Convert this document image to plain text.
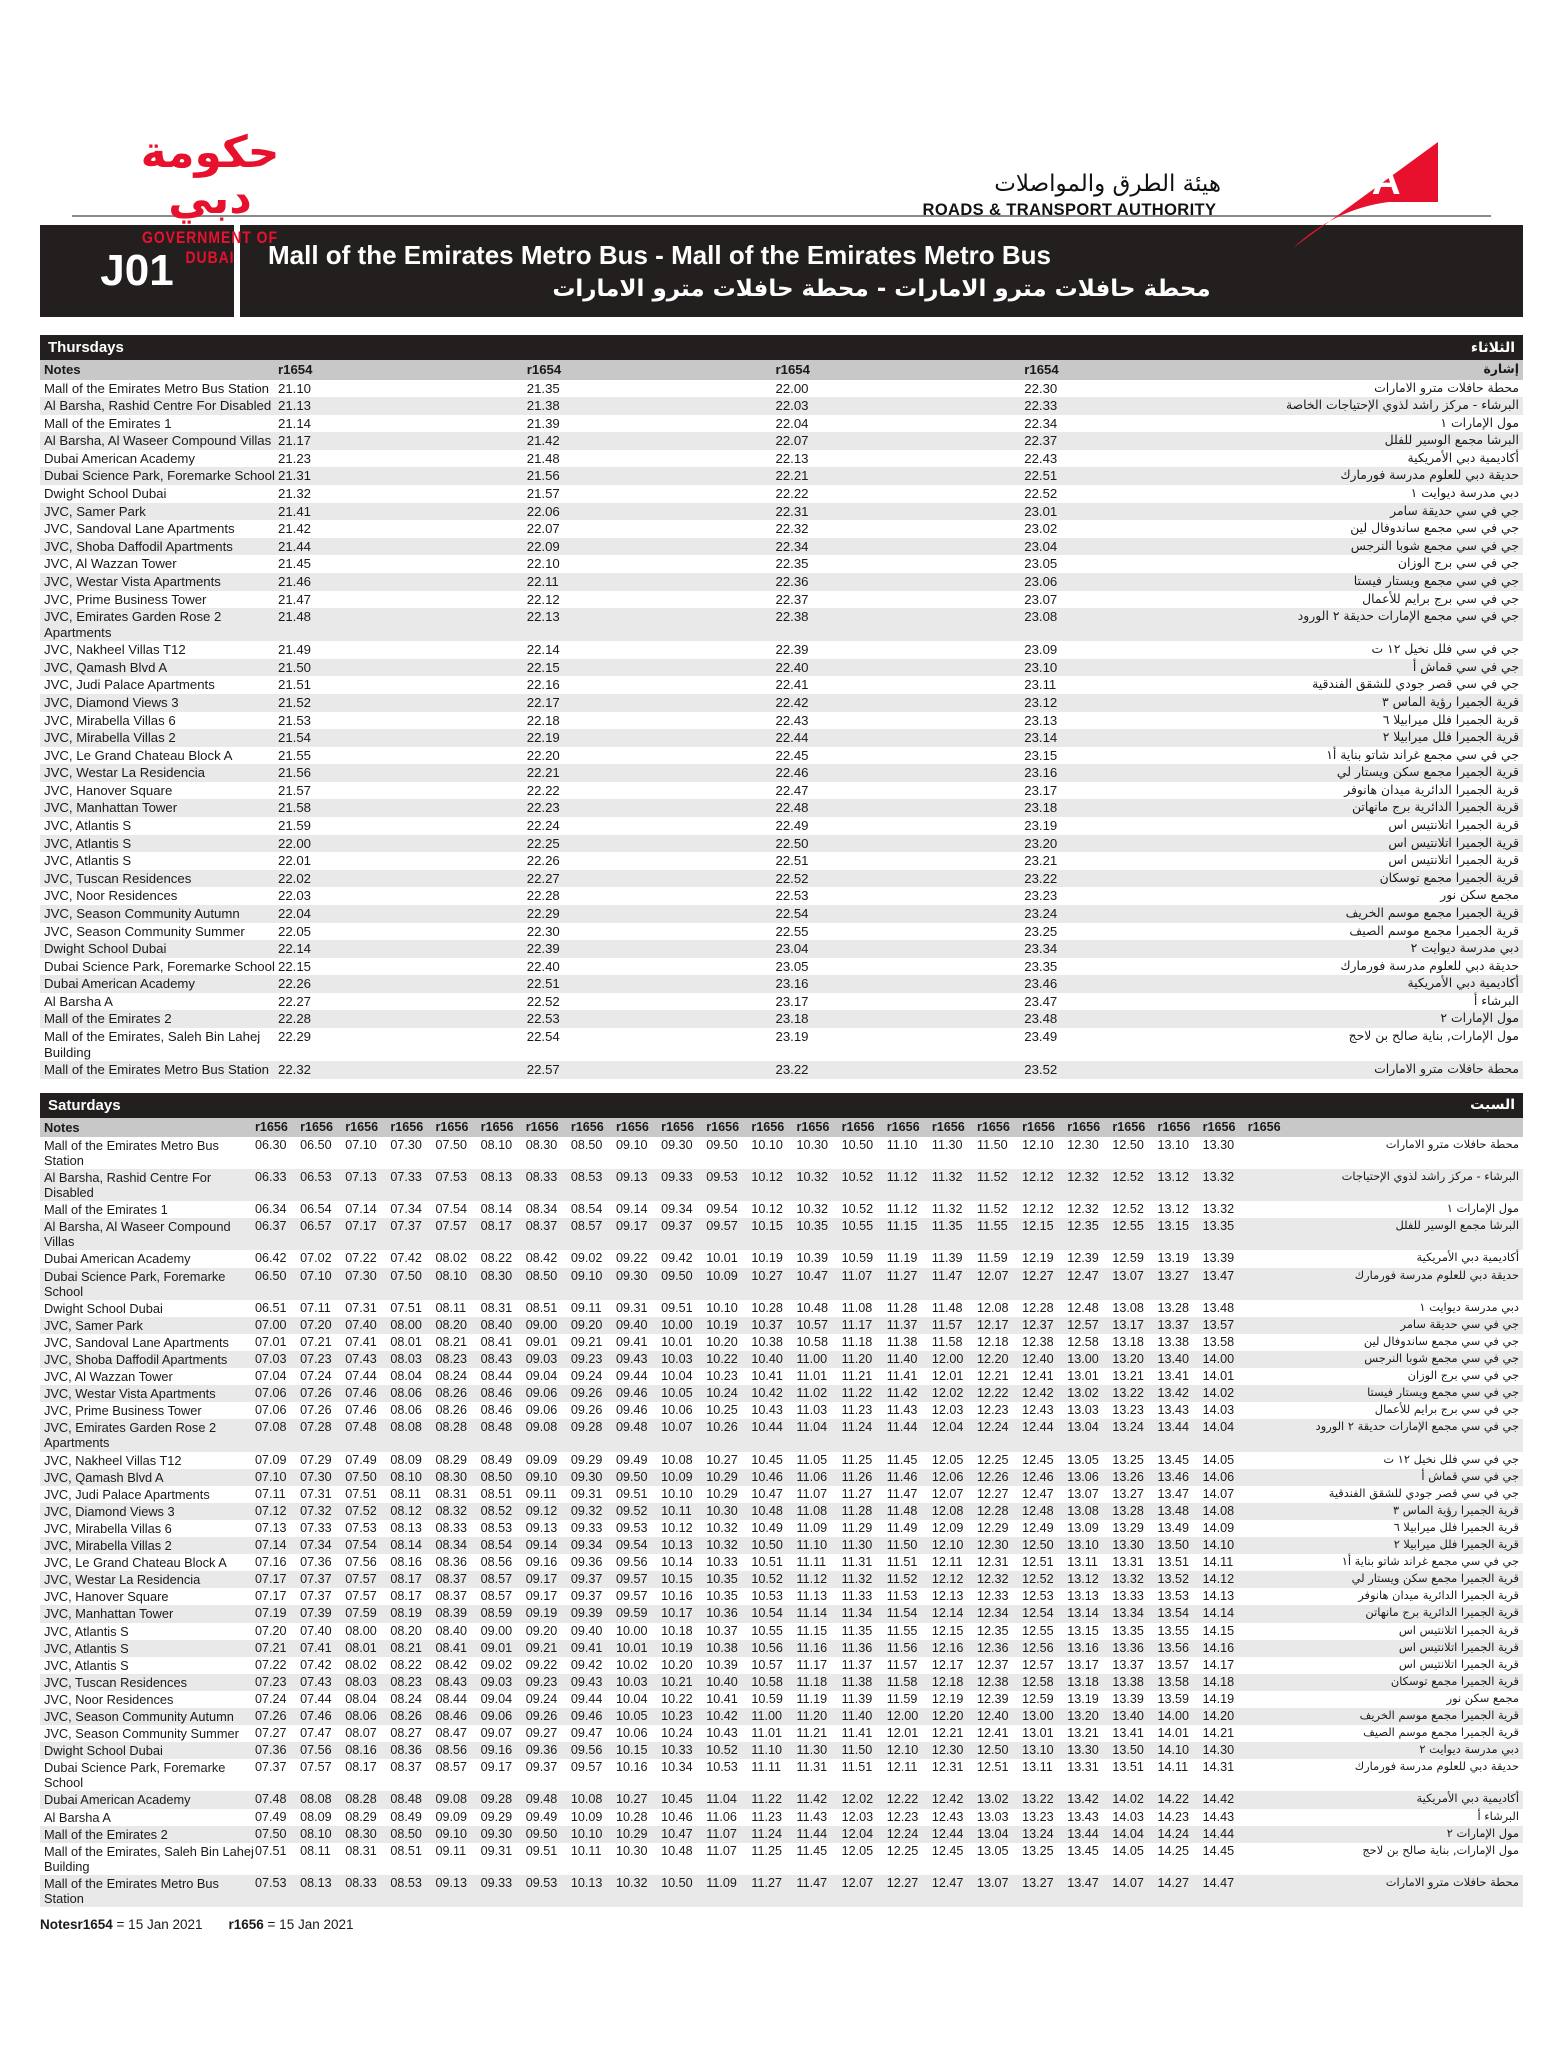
حكومة دبي
GOVERNMENT OF DUBAI
هيئة الطرق والمواصلات
ROADS & TRANSPORT AUTHORITY
RTA
J01	Mall of the Emirates Metro Bus - Mall of the Emirates Metro Bus
محطة حافلات مترو الامارات - محطة حافلات مترو الامارات
Thursdays	الثلاثاء
Notes	r1654	r1654	r1654	r1654	إشارة
Mall of the Emirates Metro Bus Station	21.10	21.35	22.00	22.30	محطة حافلات مترو الامارات
Al Barsha, Rashid Centre For Disabled	21.13	21.38	22.03	22.33	البرشاء - مركز راشد لذوي الإحتياجات الخاصة
Mall of the Emirates 1	21.14	21.39	22.04	22.34	مول الإمارات ١
Al Barsha, Al Waseer Compound Villas	21.17	21.42	22.07	22.37	البرشا مجمع الوسير للفلل
Dubai American Academy	21.23	21.48	22.13	22.43	أكاديمية دبي الأمريكية
Dubai Science Park, Foremarke School	21.31	21.56	22.21	22.51	حديقة دبي للعلوم مدرسة فورمارك
Dwight School Dubai	21.32	21.57	22.22	22.52	دبي مدرسة ديوايت ١
JVC, Samer Park	21.41	22.06	22.31	23.01	جي في سي حديقة سامر
JVC, Sandoval Lane Apartments	21.42	22.07	22.32	23.02	جي في سي مجمع ساندوفال لين
JVC, Shoba Daffodil Apartments	21.44	22.09	22.34	23.04	جي في سي مجمع شوبا النرجس
JVC, Al Wazzan Tower	21.45	22.10	22.35	23.05	جي في سي برج الوزان
JVC, Westar Vista Apartments	21.46	22.11	22.36	23.06	جي في سي مجمع ويستار فيستا
JVC, Prime Business Tower	21.47	22.12	22.37	23.07	جي في سي برج برايم للأعمال
JVC, Emirates Garden Rose 2 Apartments	21.48	22.13	22.38	23.08	جي في سي مجمع الإمارات حديقة ٢ الورود
JVC, Nakheel Villas T12	21.49	22.14	22.39	23.09	جي في سي فلل نخيل ١٢ ت
JVC, Qamash Blvd A	21.50	22.15	22.40	23.10	جي في سي قماش أ
JVC, Judi Palace Apartments	21.51	22.16	22.41	23.11	جي في سي قصر جودي للشقق الفندقية
JVC, Diamond Views 3	21.52	22.17	22.42	23.12	قرية الجميرا رؤية الماس ٣
JVC, Mirabella Villas 6	21.53	22.18	22.43	23.13	قرية الجميرا فلل ميرابيلا ٦
JVC, Mirabella Villas 2	21.54	22.19	22.44	23.14	قرية الجميرا فلل ميرابيلا ٢
JVC, Le Grand Chateau Block A	21.55	22.20	22.45	23.15	جي في سي مجمع غراند شاتو بناية أ١
JVC, Westar La Residencia	21.56	22.21	22.46	23.16	قرية الجميرا مجمع سكن ويستار لي
JVC, Hanover Square	21.57	22.22	22.47	23.17	قرية الجميرا الدائرية ميدان هانوفر
JVC, Manhattan Tower	21.58	22.23	22.48	23.18	قرية الجميرا الدائرية برج مانهاتن
JVC, Atlantis S	21.59	22.24	22.49	23.19	قرية الجميرا اتلانتيس اس
JVC, Atlantis S	22.00	22.25	22.50	23.20	قرية الجميرا اتلانتيس اس
JVC, Atlantis S	22.01	22.26	22.51	23.21	قرية الجميرا اتلانتيس اس
JVC, Tuscan Residences	22.02	22.27	22.52	23.22	قرية الجميرا مجمع توسكان
JVC, Noor Residences	22.03	22.28	22.53	23.23	مجمع سكن نور
JVC, Season Community Autumn	22.04	22.29	22.54	23.24	قرية الجميرا مجمع موسم الخريف
JVC, Season Community Summer	22.05	22.30	22.55	23.25	قرية الجميرا مجمع موسم الصيف
Dwight School Dubai	22.14	22.39	23.04	23.34	دبي مدرسة ديوايت ٢
Dubai Science Park, Foremarke School	22.15	22.40	23.05	23.35	حديقة دبي للعلوم مدرسة فورمارك
Dubai American Academy	22.26	22.51	23.16	23.46	أكاديمية دبي الأمريكية
Al Barsha A	22.27	22.52	23.17	23.47	البرشاء أ
Mall of the Emirates 2	22.28	22.53	23.18	23.48	مول الإمارات ٢
Mall of the Emirates, Saleh Bin Lahej Building	22.29	22.54	23.19	23.49	مول الإمارات, بناية صالح بن لاحج
Mall of the Emirates Metro Bus Station	22.32	22.57	23.22	23.52	محطة حافلات مترو الامارات
Saturdays	السبت
Notes	r1656	r1656	r1656	r1656	r1656	r1656	r1656	r1656	r1656	r1656	r1656	r1656	r1656	r1656	r1656	r1656	r1656	r1656	r1656	r1656	r1656	r1656	r1656	
Mall of the Emirates Metro Bus Station	06.30	06.50	07.10	07.30	07.50	08.10	08.30	08.50	09.10	09.30	09.50	10.10	10.30	10.50	11.10	11.30	11.50	12.10	12.30	12.50	13.10	13.30		محطة حافلات مترو الامارات
Al Barsha, Rashid Centre For Disabled	06.33	06.53	07.13	07.33	07.53	08.13	08.33	08.53	09.13	09.33	09.53	10.12	10.32	10.52	11.12	11.32	11.52	12.12	12.32	12.52	13.12	13.32		البرشاء - مركز راشد لذوي الإحتياجات
Mall of the Emirates 1	06.34	06.54	07.14	07.34	07.54	08.14	08.34	08.54	09.14	09.34	09.54	10.12	10.32	10.52	11.12	11.32	11.52	12.12	12.32	12.52	13.12	13.32		مول الإمارات ١
Al Barsha, Al Waseer Compound Villas	06.37	06.57	07.17	07.37	07.57	08.17	08.37	08.57	09.17	09.37	09.57	10.15	10.35	10.55	11.15	11.35	11.55	12.15	12.35	12.55	13.15	13.35		البرشا مجمع الوسير للفلل
Dubai American Academy	06.42	07.02	07.22	07.42	08.02	08.22	08.42	09.02	09.22	09.42	10.01	10.19	10.39	10.59	11.19	11.39	11.59	12.19	12.39	12.59	13.19	13.39		أكاديمية دبي الأمريكية
Dubai Science Park, Foremarke School	06.50	07.10	07.30	07.50	08.10	08.30	08.50	09.10	09.30	09.50	10.09	10.27	10.47	11.07	11.27	11.47	12.07	12.27	12.47	13.07	13.27	13.47		حديقة دبي للعلوم مدرسة فورمارك
Dwight School Dubai	06.51	07.11	07.31	07.51	08.11	08.31	08.51	09.11	09.31	09.51	10.10	10.28	10.48	11.08	11.28	11.48	12.08	12.28	12.48	13.08	13.28	13.48		دبي مدرسة ديوايت ١
JVC, Samer Park	07.00	07.20	07.40	08.00	08.20	08.40	09.00	09.20	09.40	10.00	10.19	10.37	10.57	11.17	11.37	11.57	12.17	12.37	12.57	13.17	13.37	13.57		جي في سي حديقة سامر
JVC, Sandoval Lane Apartments	07.01	07.21	07.41	08.01	08.21	08.41	09.01	09.21	09.41	10.01	10.20	10.38	10.58	11.18	11.38	11.58	12.18	12.38	12.58	13.18	13.38	13.58		جي في سي مجمع ساندوفال لين
JVC, Shoba Daffodil Apartments	07.03	07.23	07.43	08.03	08.23	08.43	09.03	09.23	09.43	10.03	10.22	10.40	11.00	11.20	11.40	12.00	12.20	12.40	13.00	13.20	13.40	14.00		جي في سي مجمع شوبا النرجس
JVC, Al Wazzan Tower	07.04	07.24	07.44	08.04	08.24	08.44	09.04	09.24	09.44	10.04	10.23	10.41	11.01	11.21	11.41	12.01	12.21	12.41	13.01	13.21	13.41	14.01		جي في سي برج الوزان
JVC, Westar Vista Apartments	07.06	07.26	07.46	08.06	08.26	08.46	09.06	09.26	09.46	10.05	10.24	10.42	11.02	11.22	11.42	12.02	12.22	12.42	13.02	13.22	13.42	14.02		جي في سي مجمع ويستار فيستا
JVC, Prime Business Tower	07.06	07.26	07.46	08.06	08.26	08.46	09.06	09.26	09.46	10.06	10.25	10.43	11.03	11.23	11.43	12.03	12.23	12.43	13.03	13.23	13.43	14.03		جي في سي برج برايم للأعمال
JVC, Emirates Garden Rose 2 Apartments	07.08	07.28	07.48	08.08	08.28	08.48	09.08	09.28	09.48	10.07	10.26	10.44	11.04	11.24	11.44	12.04	12.24	12.44	13.04	13.24	13.44	14.04		جي في سي مجمع الإمارات حديقة ٢ الورود
JVC, Nakheel Villas T12	07.09	07.29	07.49	08.09	08.29	08.49	09.09	09.29	09.49	10.08	10.27	10.45	11.05	11.25	11.45	12.05	12.25	12.45	13.05	13.25	13.45	14.05		جي في سي فلل نخيل ١٢ ت
JVC, Qamash Blvd A	07.10	07.30	07.50	08.10	08.30	08.50	09.10	09.30	09.50	10.09	10.29	10.46	11.06	11.26	11.46	12.06	12.26	12.46	13.06	13.26	13.46	14.06		جي في سي قماش أ
JVC, Judi Palace Apartments	07.11	07.31	07.51	08.11	08.31	08.51	09.11	09.31	09.51	10.10	10.29	10.47	11.07	11.27	11.47	12.07	12.27	12.47	13.07	13.27	13.47	14.07		جي في سي قصر جودي للشقق الفندقية
JVC, Diamond Views 3	07.12	07.32	07.52	08.12	08.32	08.52	09.12	09.32	09.52	10.11	10.30	10.48	11.08	11.28	11.48	12.08	12.28	12.48	13.08	13.28	13.48	14.08		قرية الجميرا رؤية الماس ٣
JVC, Mirabella Villas 6	07.13	07.33	07.53	08.13	08.33	08.53	09.13	09.33	09.53	10.12	10.32	10.49	11.09	11.29	11.49	12.09	12.29	12.49	13.09	13.29	13.49	14.09		قرية الجميرا فلل ميرابيلا ٦
JVC, Mirabella Villas 2	07.14	07.34	07.54	08.14	08.34	08.54	09.14	09.34	09.54	10.13	10.32	10.50	11.10	11.30	11.50	12.10	12.30	12.50	13.10	13.30	13.50	14.10		قرية الجميرا فلل ميرابيلا ٢
JVC, Le Grand Chateau Block A	07.16	07.36	07.56	08.16	08.36	08.56	09.16	09.36	09.56	10.14	10.33	10.51	11.11	11.31	11.51	12.11	12.31	12.51	13.11	13.31	13.51	14.11		جي في سي مجمع غراند شاتو بناية أ١
JVC, Westar La Residencia	07.17	07.37	07.57	08.17	08.37	08.57	09.17	09.37	09.57	10.15	10.35	10.52	11.12	11.32	11.52	12.12	12.32	12.52	13.12	13.32	13.52	14.12		قرية الجميرا مجمع سكن ويستار لي
JVC, Hanover Square	07.17	07.37	07.57	08.17	08.37	08.57	09.17	09.37	09.57	10.16	10.35	10.53	11.13	11.33	11.53	12.13	12.33	12.53	13.13	13.33	13.53	14.13		قرية الجميرا الدائرية ميدان هانوفر
JVC, Manhattan Tower	07.19	07.39	07.59	08.19	08.39	08.59	09.19	09.39	09.59	10.17	10.36	10.54	11.14	11.34	11.54	12.14	12.34	12.54	13.14	13.34	13.54	14.14		قرية الجميرا الدائرية برج مانهاتن
JVC, Atlantis S	07.20	07.40	08.00	08.20	08.40	09.00	09.20	09.40	10.00	10.18	10.37	10.55	11.15	11.35	11.55	12.15	12.35	12.55	13.15	13.35	13.55	14.15		قرية الجميرا اتلانتيس اس
JVC, Atlantis S	07.21	07.41	08.01	08.21	08.41	09.01	09.21	09.41	10.01	10.19	10.38	10.56	11.16	11.36	11.56	12.16	12.36	12.56	13.16	13.36	13.56	14.16		قرية الجميرا اتلانتيس اس
JVC, Atlantis S	07.22	07.42	08.02	08.22	08.42	09.02	09.22	09.42	10.02	10.20	10.39	10.57	11.17	11.37	11.57	12.17	12.37	12.57	13.17	13.37	13.57	14.17		قرية الجميرا اتلانتيس اس
JVC, Tuscan Residences	07.23	07.43	08.03	08.23	08.43	09.03	09.23	09.43	10.03	10.21	10.40	10.58	11.18	11.38	11.58	12.18	12.38	12.58	13.18	13.38	13.58	14.18		قرية الجميرا مجمع توسكان
JVC, Noor Residences	07.24	07.44	08.04	08.24	08.44	09.04	09.24	09.44	10.04	10.22	10.41	10.59	11.19	11.39	11.59	12.19	12.39	12.59	13.19	13.39	13.59	14.19		مجمع سكن نور
JVC, Season Community Autumn	07.26	07.46	08.06	08.26	08.46	09.06	09.26	09.46	10.05	10.23	10.42	11.00	11.20	11.40	12.00	12.20	12.40	13.00	13.20	13.40	14.00	14.20		قرية الجميرا مجمع موسم الخريف
JVC, Season Community Summer	07.27	07.47	08.07	08.27	08.47	09.07	09.27	09.47	10.06	10.24	10.43	11.01	11.21	11.41	12.01	12.21	12.41	13.01	13.21	13.41	14.01	14.21		قرية الجميرا مجمع موسم الصيف
Dwight School Dubai	07.36	07.56	08.16	08.36	08.56	09.16	09.36	09.56	10.15	10.33	10.52	11.10	11.30	11.50	12.10	12.30	12.50	13.10	13.30	13.50	14.10	14.30		دبي مدرسة ديوايت ٢
Dubai Science Park, Foremarke School	07.37	07.57	08.17	08.37	08.57	09.17	09.37	09.57	10.16	10.34	10.53	11.11	11.31	11.51	12.11	12.31	12.51	13.11	13.31	13.51	14.11	14.31		حديقة دبي للعلوم مدرسة فورمارك
Dubai American Academy	07.48	08.08	08.28	08.48	09.08	09.28	09.48	10.08	10.27	10.45	11.04	11.22	11.42	12.02	12.22	12.42	13.02	13.22	13.42	14.02	14.22	14.42		أكاديمية دبي الأمريكية
Al Barsha A	07.49	08.09	08.29	08.49	09.09	09.29	09.49	10.09	10.28	10.46	11.06	11.23	11.43	12.03	12.23	12.43	13.03	13.23	13.43	14.03	14.23	14.43		البرشاء أ
Mall of the Emirates 2	07.50	08.10	08.30	08.50	09.10	09.30	09.50	10.10	10.29	10.47	11.07	11.24	11.44	12.04	12.24	12.44	13.04	13.24	13.44	14.04	14.24	14.44		مول الإمارات ٢
Mall of the Emirates, Saleh Bin Lahej Building	07.51	08.11	08.31	08.51	09.11	09.31	09.51	10.11	10.30	10.48	11.07	11.25	11.45	12.05	12.25	12.45	13.05	13.25	13.45	14.05	14.25	14.45		مول الإمارات, بناية صالح بن لاحج
Mall of the Emirates Metro Bus Station	07.53	08.13	08.33	08.53	09.13	09.33	09.53	10.13	10.32	10.50	11.09	11.27	11.47	12.07	12.27	12.47	13.07	13.27	13.47	14.07	14.27	14.47		محطة حافلات مترو الامارات
Notesr1654 = 15 Jan 2021 r1656 = 15 Jan 2021
